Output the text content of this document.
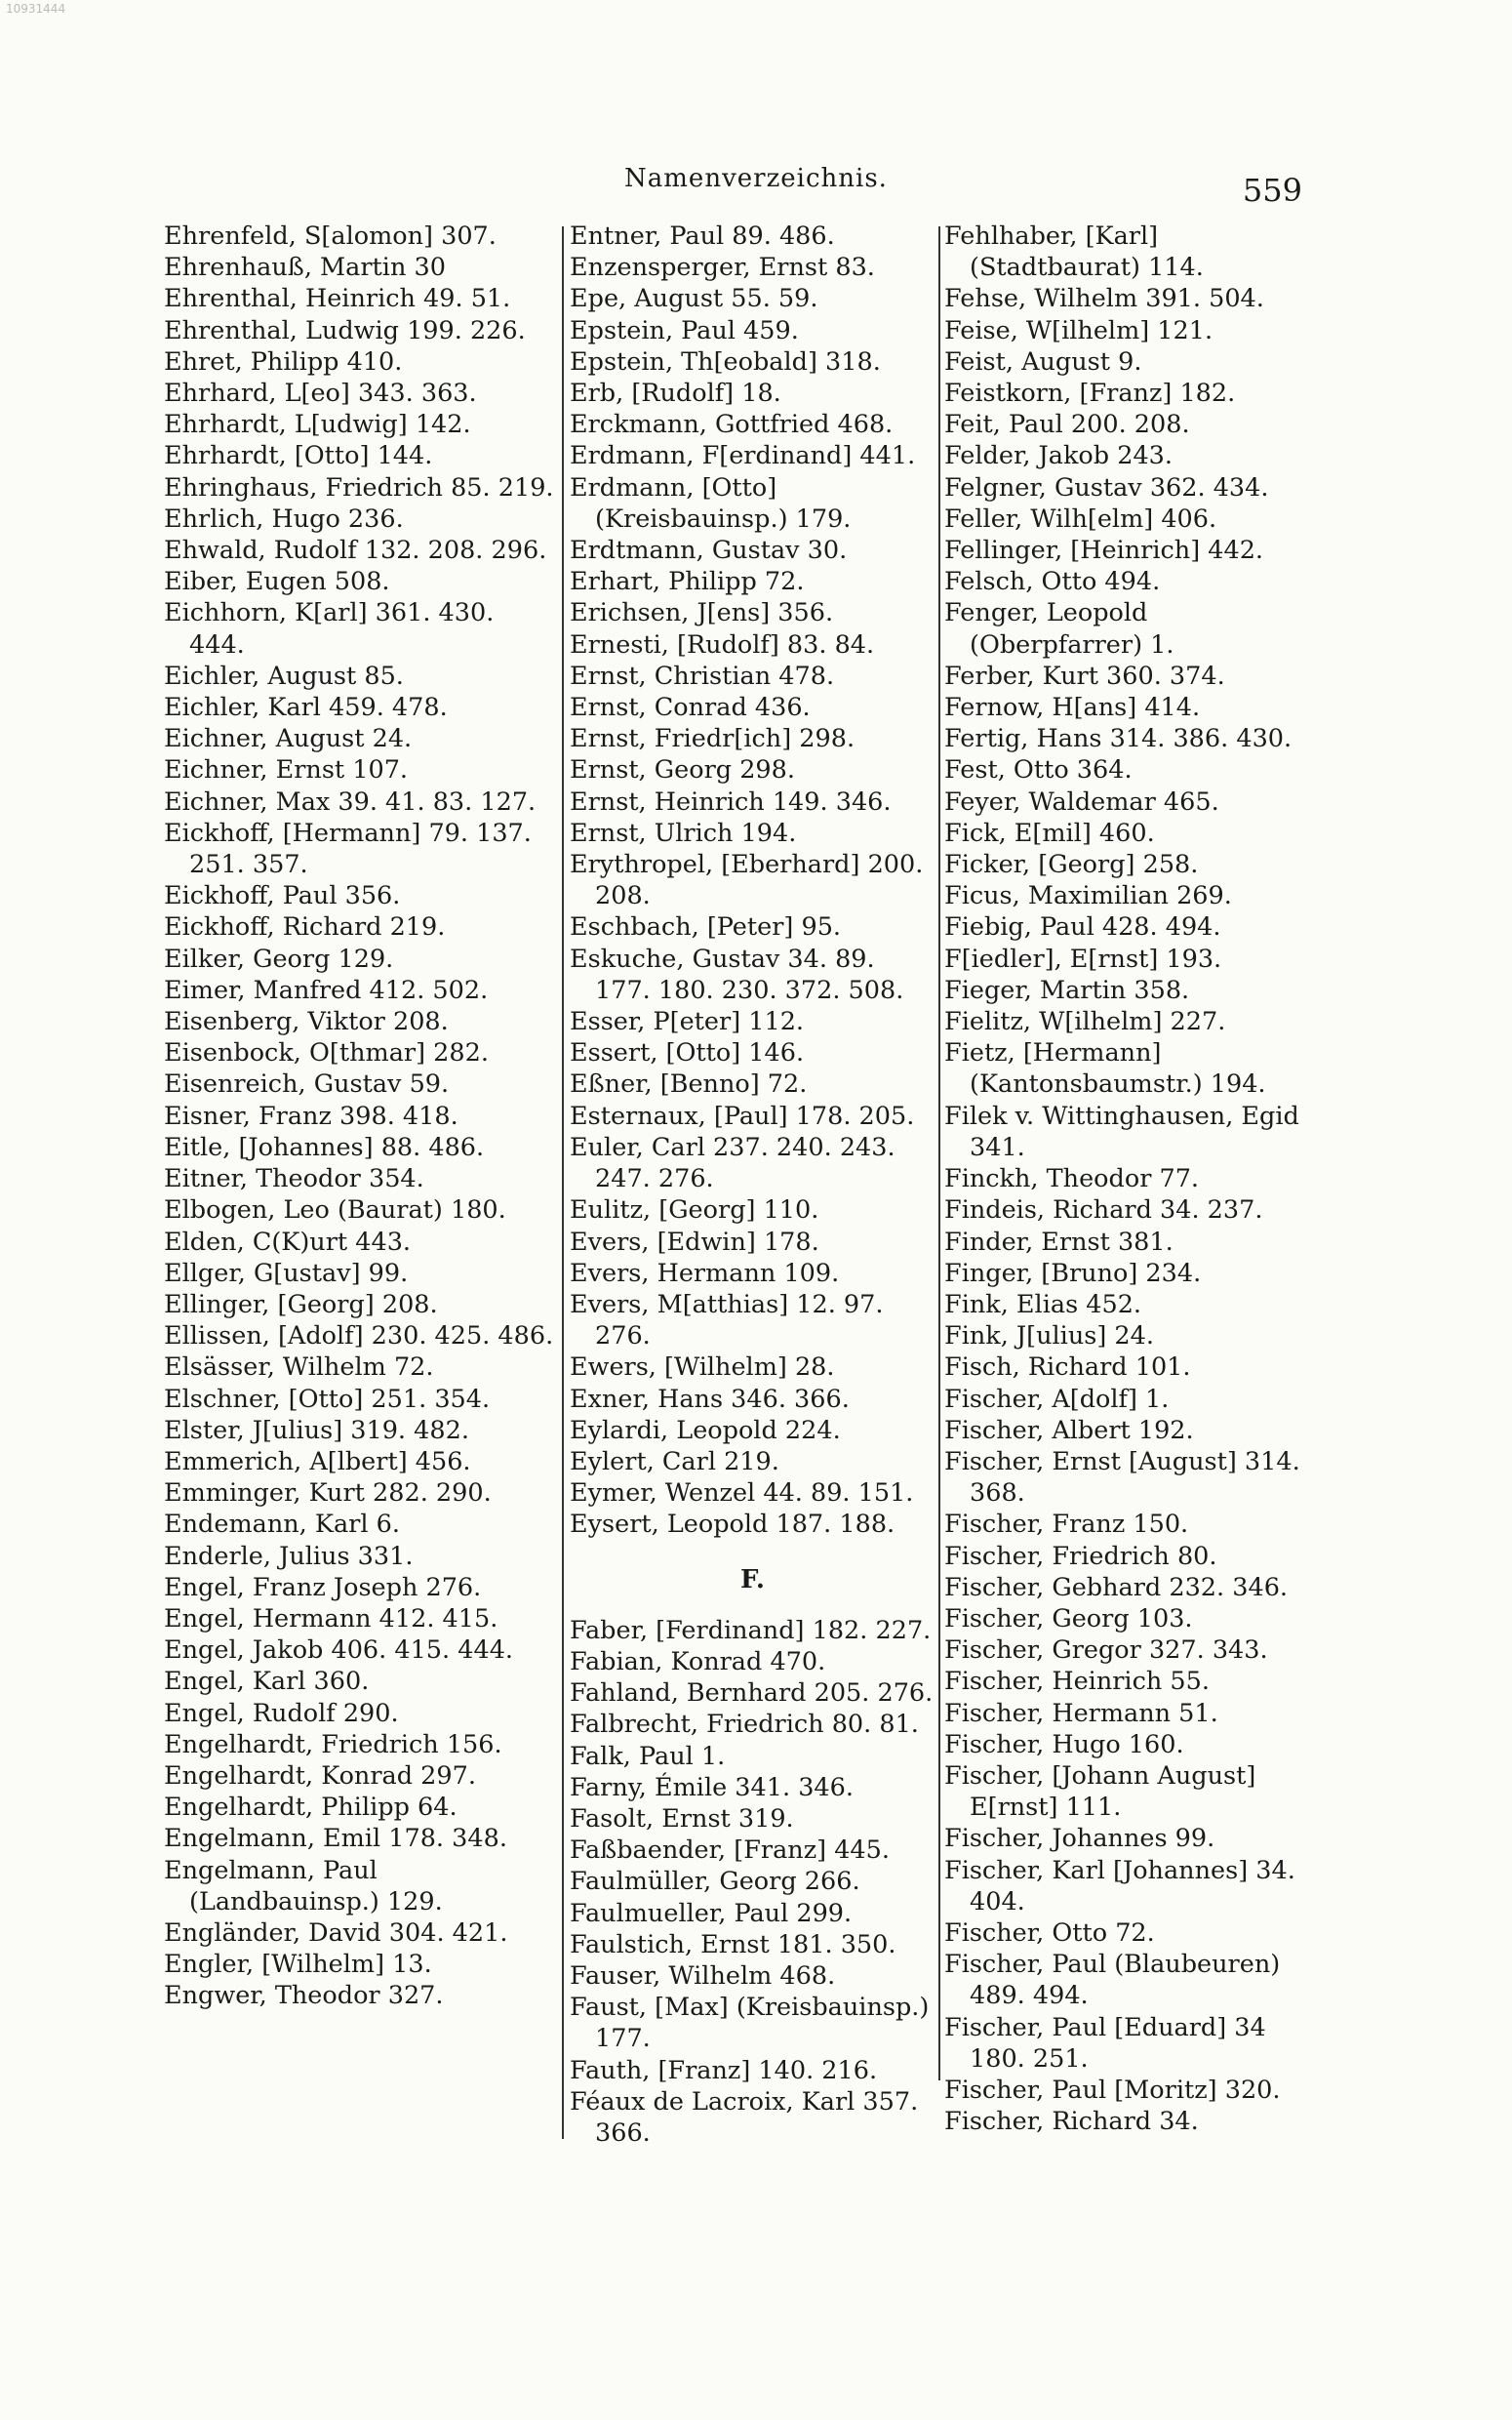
10931444
Namenverzeichnis.	559
Ehrenfeld, S[alomon] 307.
Ehrenhauß, Martin 30
Ehrenthal, Heinrich 49. 51.
Ehrenthal, Ludwig 199. 226.
Ehret, Philipp 410.
Ehrhard, L[eo] 343. 363.
Ehrhardt, L[udwig] 142.
Ehrhardt, [Otto] 144.
Ehringhaus, Friedrich 85. 219.
Ehrlich, Hugo 236.
Ehwald, Rudolf 132. 208. 296.
Eiber, Eugen 508.
Eichhorn, K[arl] 361. 430. 444.
Eichler, August 85.
Eichler, Karl 459. 478.
Eichner, August 24.
Eichner, Ernst 107.
Eichner, Max 39. 41. 83. 127.
Eickhoff, [Hermann] 79. 137. 251. 357.
Eickhoff, Paul 356.
Eickhoff, Richard 219.
Eilker, Georg 129.
Eimer, Manfred 412. 502.
Eisenberg, Viktor 208.
Eisenbock, O[thmar] 282.
Eisenreich, Gustav 59.
Eisner, Franz 398. 418.
Eitle, [Johannes] 88. 486.
Eitner, Theodor 354.
Elbogen, Leo (Baurat) 180.
Elden, C(K)urt 443.
Ellger, G[ustav] 99.
Ellinger, [Georg] 208.
Ellissen, [Adolf] 230. 425. 486.
Elsässer, Wilhelm 72.
Elschner, [Otto] 251. 354.
Elster, J[ulius] 319. 482.
Emmerich, A[lbert] 456.
Emminger, Kurt 282. 290.
Endemann, Karl 6.
Enderle, Julius 331.
Engel, Franz Joseph 276.
Engel, Hermann 412. 415.
Engel, Jakob 406. 415. 444.
Engel, Karl 360.
Engel, Rudolf 290.
Engelhardt, Friedrich 156.
Engelhardt, Konrad 297.
Engelhardt, Philipp 64.
Engelmann, Emil 178. 348.
Engelmann, Paul (Landbauinsp.) 129.
Engländer, David 304. 421.
Engler, [Wilhelm] 13.
Engwer, Theodor 327.
Entner, Paul 89. 486.
Enzensperger, Ernst 83.
Epe, August 55. 59.
Epstein, Paul 459.
Epstein, Th[eobald] 318.
Erb, [Rudolf] 18.
Erckmann, Gottfried 468.
Erdmann, F[erdinand] 441.
Erdmann, [Otto] (Kreisbauinsp.) 179.
Erdtmann, Gustav 30.
Erhart, Philipp 72.
Erichsen, J[ens] 356.
Ernesti, [Rudolf] 83. 84.
Ernst, Christian 478.
Ernst, Conrad 436.
Ernst, Friedr[ich] 298.
Ernst, Georg 298.
Ernst, Heinrich 149. 346.
Ernst, Ulrich 194.
Erythropel, [Eberhard] 200. 208.
Eschbach, [Peter] 95.
Eskuche, Gustav 34. 89. 177. 180. 230. 372. 508.
Esser, P[eter] 112.
Essert, [Otto] 146.
Eßner, [Benno] 72.
Esternaux, [Paul] 178. 205.
Euler, Carl 237. 240. 243. 247. 276.
Eulitz, [Georg] 110.
Evers, [Edwin] 178.
Evers, Hermann 109.
Evers, M[atthias] 12. 97. 276.
Ewers, [Wilhelm] 28.
Exner, Hans 346. 366.
Eylardi, Leopold 224.
Eylert, Carl 219.
Eymer, Wenzel 44. 89. 151.
Eysert, Leopold 187. 188.
F.
Faber, [Ferdinand] 182. 227.
Fabian, Konrad 470.
Fahland, Bernhard 205. 276.
Falbrecht, Friedrich 80. 81.
Falk, Paul 1.
Farny, Émile 341. 346.
Fasolt, Ernst 319.
Faßbaender, [Franz] 445.
Faulmüller, Georg 266.
Faulmueller, Paul 299.
Faulstich, Ernst 181. 350.
Fauser, Wilhelm 468.
Faust, [Max] (Kreisbauinsp.) 177.
Fauth, [Franz] 140. 216.
Féaux de Lacroix, Karl 357. 366.
Fehlhaber, [Karl] (Stadtbaurat) 114.
Fehse, Wilhelm 391. 504.
Feise, W[ilhelm] 121.
Feist, August 9.
Feistkorn, [Franz] 182.
Feit, Paul 200. 208.
Felder, Jakob 243.
Felgner, Gustav 362. 434.
Feller, Wilh[elm] 406.
Fellinger, [Heinrich] 442.
Felsch, Otto 494.
Fenger, Leopold (Oberpfarrer) 1.
Ferber, Kurt 360. 374.
Fernow, H[ans] 414.
Fertig, Hans 314. 386. 430.
Fest, Otto 364.
Feyer, Waldemar 465.
Fick, E[mil] 460.
Ficker, [Georg] 258.
Ficus, Maximilian 269.
Fiebig, Paul 428. 494.
F[iedler], E[rnst] 193.
Fieger, Martin 358.
Fielitz, W[ilhelm] 227.
Fietz, [Hermann] (Kantonsbaumstr.) 194.
Filek v. Wittinghausen, Egid 341.
Finckh, Theodor 77.
Findeis, Richard 34. 237.
Finder, Ernst 381.
Finger, [Bruno] 234.
Fink, Elias 452.
Fink, J[ulius] 24.
Fisch, Richard 101.
Fischer, A[dolf] 1.
Fischer, Albert 192.
Fischer, Ernst [August] 314. 368.
Fischer, Franz 150.
Fischer, Friedrich 80.
Fischer, Gebhard 232. 346.
Fischer, Georg 103.
Fischer, Gregor 327. 343.
Fischer, Heinrich 55.
Fischer, Hermann 51.
Fischer, Hugo 160.
Fischer, [Johann August] E[rnst] 111.
Fischer, Johannes 99.
Fischer, Karl [Johannes] 34. 404.
Fischer, Otto 72.
Fischer, Paul (Blaubeuren) 489. 494.
Fischer, Paul [Eduard] 34 180. 251.
Fischer, Paul [Moritz] 320.
Fischer, Richard 34.
